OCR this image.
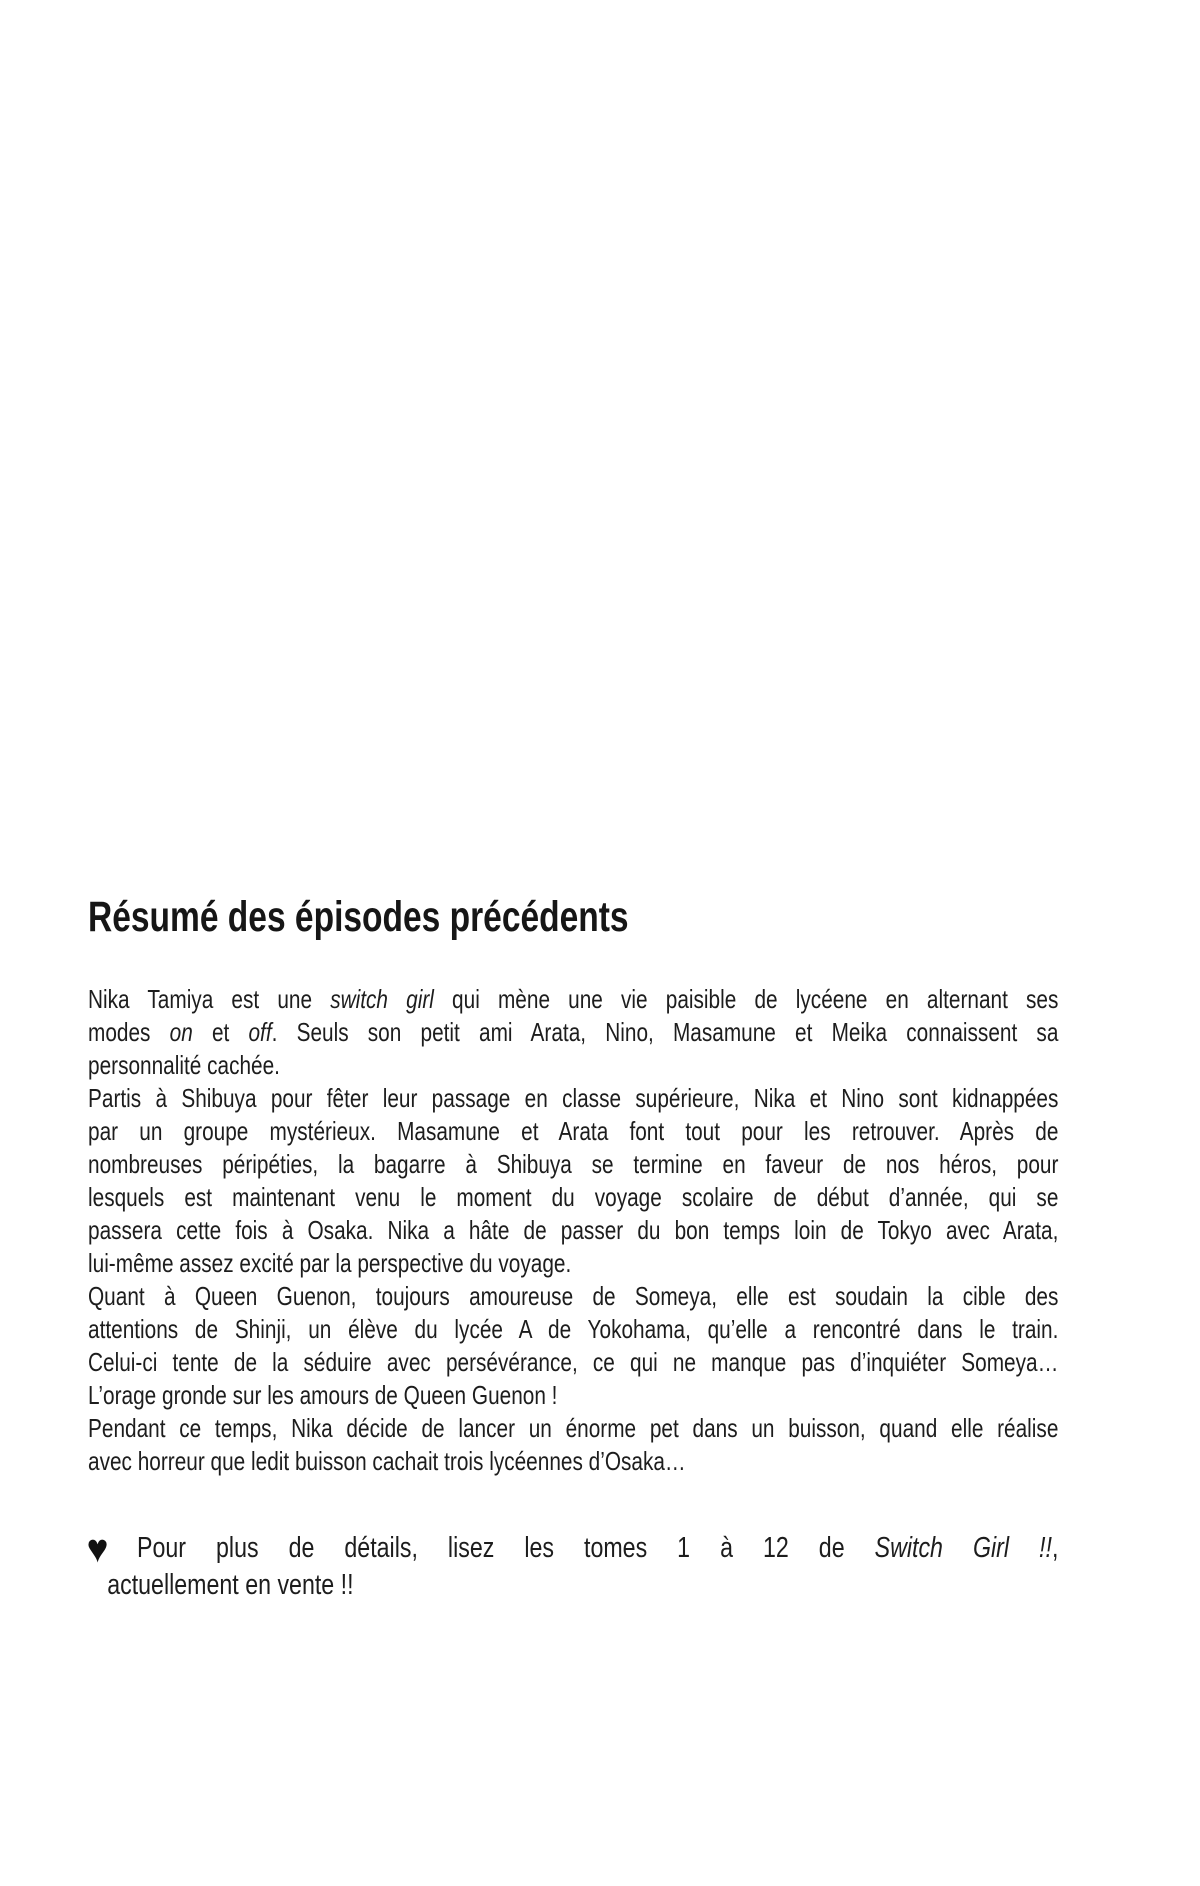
Résumé des épisodes précédents
Nika Tamiya est une switch girl qui mène une vie paisible de lycéene en alternant ses
modes on et off. Seuls son petit ami Arata, Nino, Masamune et Meika connaissent sa
personnalité cachée.
Partis à Shibuya pour fêter leur passage en classe supérieure, Nika et Nino sont kidnappées
par un groupe mystérieux. Masamune et Arata font tout pour les retrouver. Après de
nombreuses péripéties, la bagarre à Shibuya se termine en faveur de nos héros, pour
lesquels est maintenant venu le moment du voyage scolaire de début d’année, qui se
passera cette fois à Osaka. Nika a hâte de passer du bon temps loin de Tokyo avec Arata,
lui-même assez excité par la perspective du voyage.
Quant à Queen Guenon, toujours amoureuse de Someya, elle est soudain la cible des
attentions de Shinji, un élève du lycée A de Yokohama, qu’elle a rencontré dans le train.
Celui-ci tente de la séduire avec persévérance, ce qui ne manque pas d’inquiéter Someya…
L’orage gronde sur les amours de Queen Guenon !
Pendant ce temps, Nika décide de lancer un énorme pet dans un buisson, quand elle réalise
avec horreur que ledit buisson cachait trois lycéennes d’Osaka…
♥ Pour plus de détails, lisez les tomes 1 à 12 de Switch Girl !!,
actuellement en vente !!
